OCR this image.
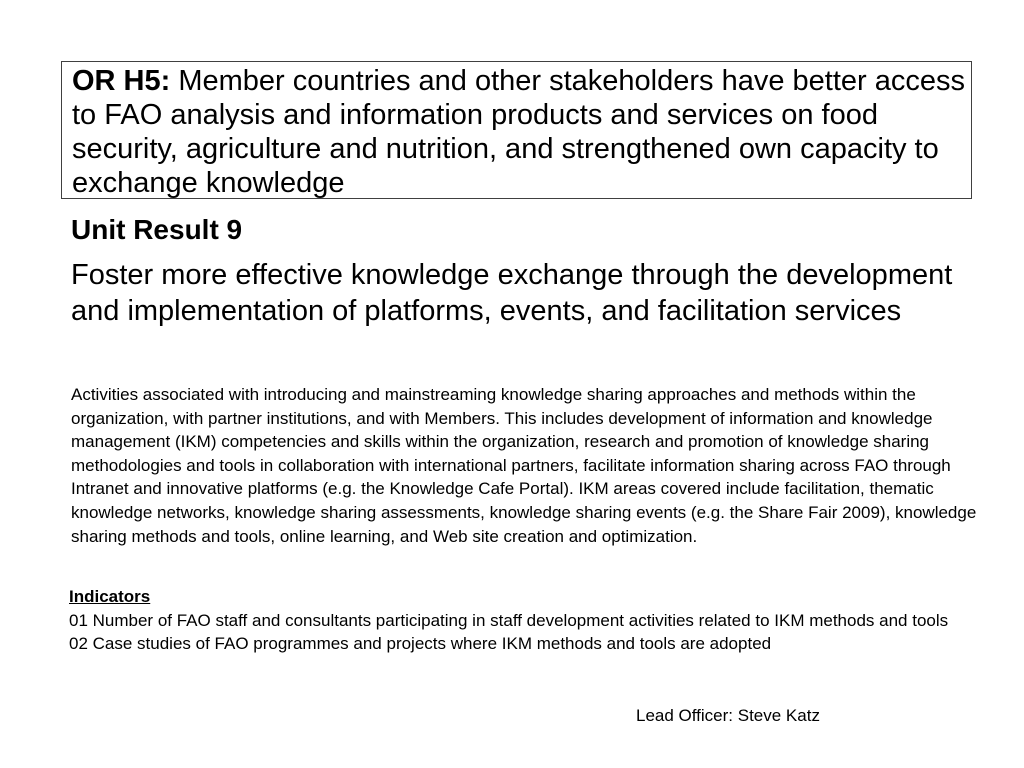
OR H5: Member countries and other stakeholders have better access to FAO analysis and information products and services on food security, agriculture and nutrition, and strengthened own capacity to exchange knowledge
Unit Result 9

Foster more effective knowledge exchange through the development and implementation of platforms, events, and facilitation services

Activities associated with introducing and mainstreaming knowledge sharing approaches and methods within the organization, with partner institutions, and with Members. This includes development of information and knowledge management (IKM) competencies and skills within the organization, research and promotion of knowledge sharing methodologies and tools in collaboration with international partners, facilitate information sharing across FAO through Intranet and innovative platforms (e.g. the Knowledge Cafe Portal). IKM areas covered include facilitation, thematic knowledge networks, knowledge sharing assessments, knowledge sharing events (e.g. the Share Fair 2009), knowledge sharing methods and tools, online learning, and Web site creation and optimization.

Indicators
01 Number of FAO staff and consultants participating in staff development activities related to IKM methods and tools
02 Case studies of FAO programmes and projects where IKM methods and tools are adopted
Lead Officer: Steve Katz
